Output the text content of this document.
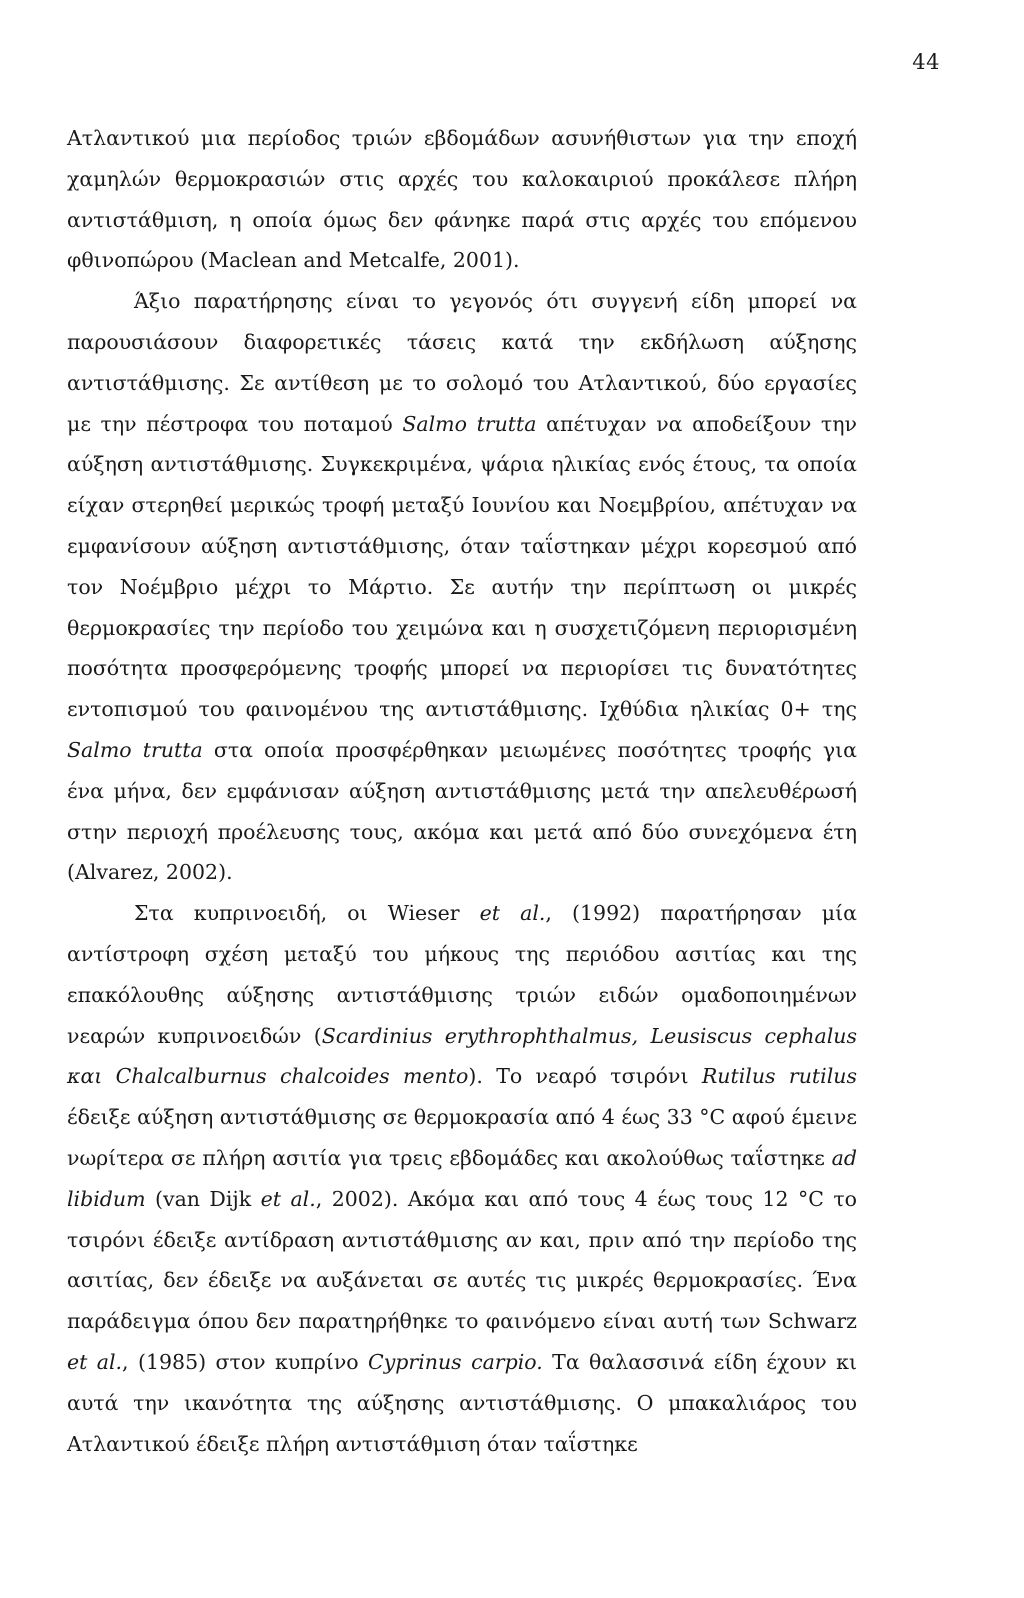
44

Ατλαντικού μια περίοδος τριών εβδομάδων ασυνήθιστων για την εποχή χαμηλών θερμοκρασιών στις αρχές του καλοκαιριού προκάλεσε πλήρη αντιστάθμιση, η οποία όμως δεν φάνηκε παρά στις αρχές του επόμενου φθινοπώρου (Maclean and Metcalfe, 2001).

Άξιο παρατήρησης είναι το γεγονός ότι συγγενή είδη μπορεί να παρουσιάσουν διαφορετικές τάσεις κατά την εκδήλωση αύξησης αντιστάθμισης. Σε αντίθεση με το σολομό του Ατλαντικού, δύο εργασίες με την πέστροφα του ποταμού Salmo trutta απέτυχαν να αποδείξουν την αύξηση αντιστάθμισης. Συγκεκριμένα, ψάρια ηλικίας ενός έτους, τα οποία είχαν στερηθεί μερικώς τροφή μεταξύ Ιουνίου και Νοεμβρίου, απέτυχαν να εμφανίσουν αύξηση αντιστάθμισης, όταν ταΐστηκαν μέχρι κορεσμού από τον Νοέμβριο μέχρι το Μάρτιο. Σε αυτήν την περίπτωση οι μικρές θερμοκρασίες την περίοδο του χειμώνα και η συσχετιζόμενη περιορισμένη ποσότητα προσφερόμενης τροφής μπορεί να περιορίσει τις δυνατότητες εντοπισμού του φαινομένου της αντιστάθμισης. Ιχθύδια ηλικίας 0+ της Salmo trutta στα οποία προσφέρθηκαν μειωμένες ποσότητες τροφής για ένα μήνα, δεν εμφάνισαν αύξηση αντιστάθμισης μετά την απελευθέρωσή στην περιοχή προέλευσης τους, ακόμα και μετά από δύο συνεχόμενα έτη (Alvarez, 2002).

Στα κυπρινοειδή, οι Wieser et al., (1992) παρατήρησαν μία αντίστροφη σχέση μεταξύ του μήκους της περιόδου ασιτίας και της επακόλουθης αύξησης αντιστάθμισης τριών ειδών ομαδοποιημένων νεαρών κυπρινοειδών (Scardinius erythrophthalmus, Leusiscus cephalus και Chalcalburnus chalcoides mento). Το νεαρό τσιρόνι Rutilus rutilus έδειξε αύξηση αντιστάθμισης σε θερμοκρασία από 4 έως 33 °C αφού έμεινε νωρίτερα σε πλήρη ασιτία για τρεις εβδομάδες και ακολούθως ταΐστηκε ad libidum (van Dijk et al., 2002). Ακόμα και από τους 4 έως τους 12 °C το τσιρόνι έδειξε αντίδραση αντιστάθμισης αν και, πριν από την περίοδο της ασιτίας, δεν έδειξε να αυξάνεται σε αυτές τις μικρές θερμοκρασίες. Ένα παράδειγμα όπου δεν παρατηρήθηκε το φαινόμενο είναι αυτή των Schwarz et al., (1985) στον κυπρίνο Cyprinus carpio. Τα θαλασσινά είδη έχουν κι αυτά την ικανότητα της αύξησης αντιστάθμισης. Ο μπακαλιάρος του Ατλαντικού έδειξε πλήρη αντιστάθμιση όταν ταΐστηκε
